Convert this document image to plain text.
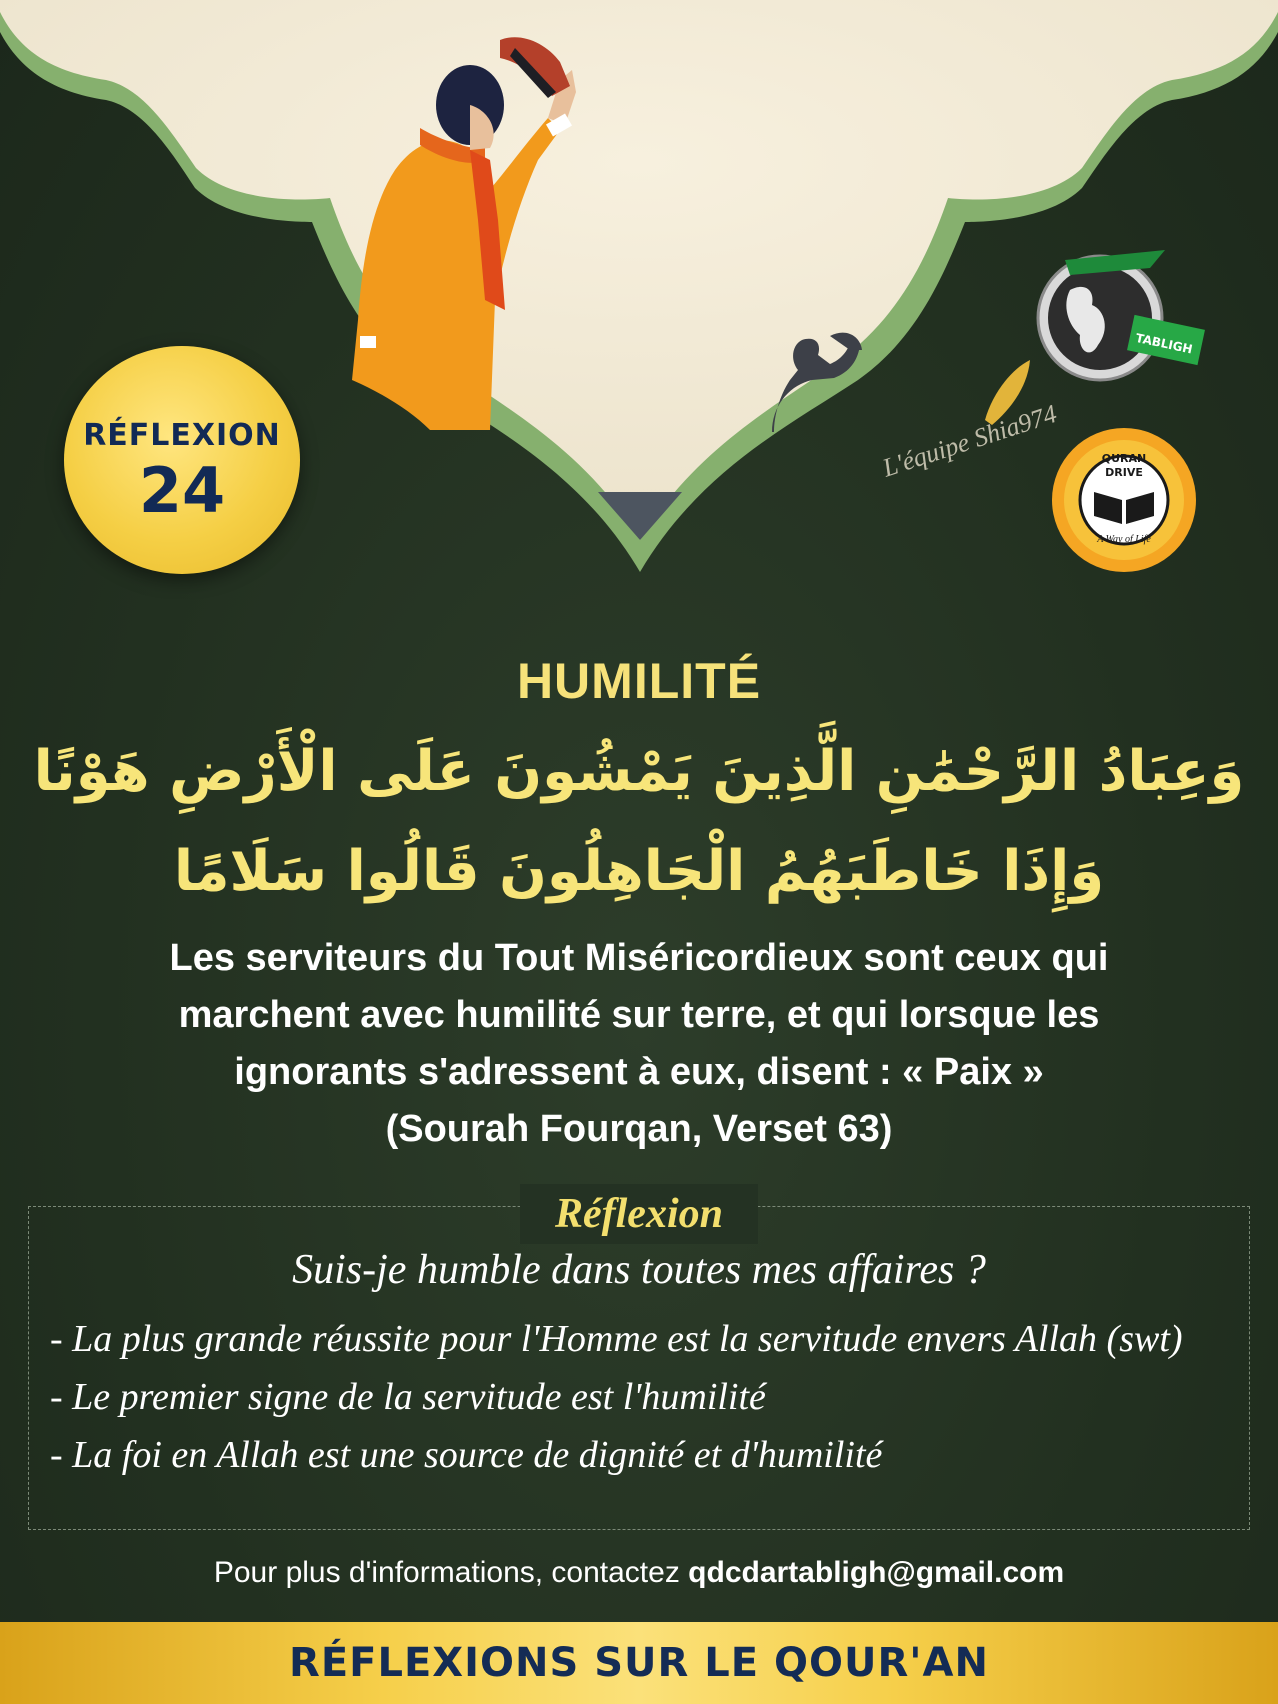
L'équipe Shia974
TABLIGH
QURAN
DRIVE
A Way of Life
RÉFLEXION
24
HUMILITÉ
وَعِبَادُ الرَّحْمَٰنِ الَّذِينَ يَمْشُونَ عَلَى الْأَرْضِ هَوْنًا
وَإِذَا خَاطَبَهُمُ الْجَاهِلُونَ قَالُوا سَلَامًا
Les serviteurs du Tout Miséricordieux sont ceux qui
marchent avec humilité sur terre, et qui lorsque les
ignorants s'adressent à eux, disent : « Paix »
(Sourah Fourqan, Verset 63)
Réflexion
Suis-je humble dans toutes mes affaires ?
- La plus grande réussite pour l'Homme est la servitude envers Allah (swt)
- Le premier signe de la servitude est l'humilité
- La foi en Allah est une source de dignité et d'humilité
Pour plus d'informations, contactez qdcdartabligh@gmail.com
RÉFLEXIONS SUR LE QOUR'AN
